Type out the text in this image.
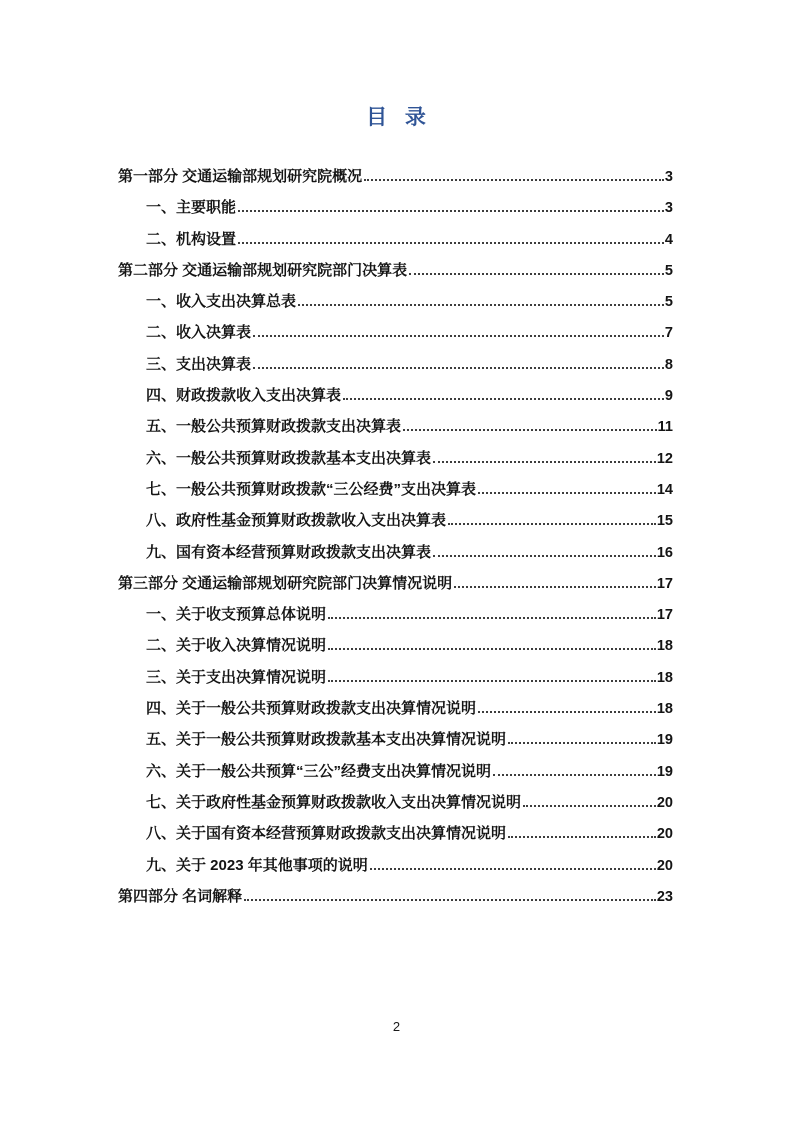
目 录
第一部分 交通运输部规划研究院概况	3
一、主要职能	3
二、机构设置	4
第二部分 交通运输部规划研究院部门决算表	5
一、收入支出决算总表	5
二、收入决算表	7
三、支出决算表	8
四、财政拨款收入支出决算表	9
五、一般公共预算财政拨款支出决算表	11
六、一般公共预算财政拨款基本支出决算表	12
七、一般公共预算财政拨款“三公经费”支出决算表	14
八、政府性基金预算财政拨款收入支出决算表	15
九、国有资本经营预算财政拨款支出决算表	16
第三部分 交通运输部规划研究院部门决算情况说明	17
一、关于收支预算总体说明	17
二、关于收入决算情况说明	18
三、关于支出决算情况说明	18
四、关于一般公共预算财政拨款支出决算情况说明	18
五、关于一般公共预算财政拨款基本支出决算情况说明	19
六、关于一般公共预算“三公”经费支出决算情况说明	19
七、关于政府性基金预算财政拨款收入支出决算情况说明	20
八、关于国有资本经营预算财政拨款支出决算情况说明	20
九、关于 2023 年其他事项的说明	20
第四部分 名词解释	23
2
